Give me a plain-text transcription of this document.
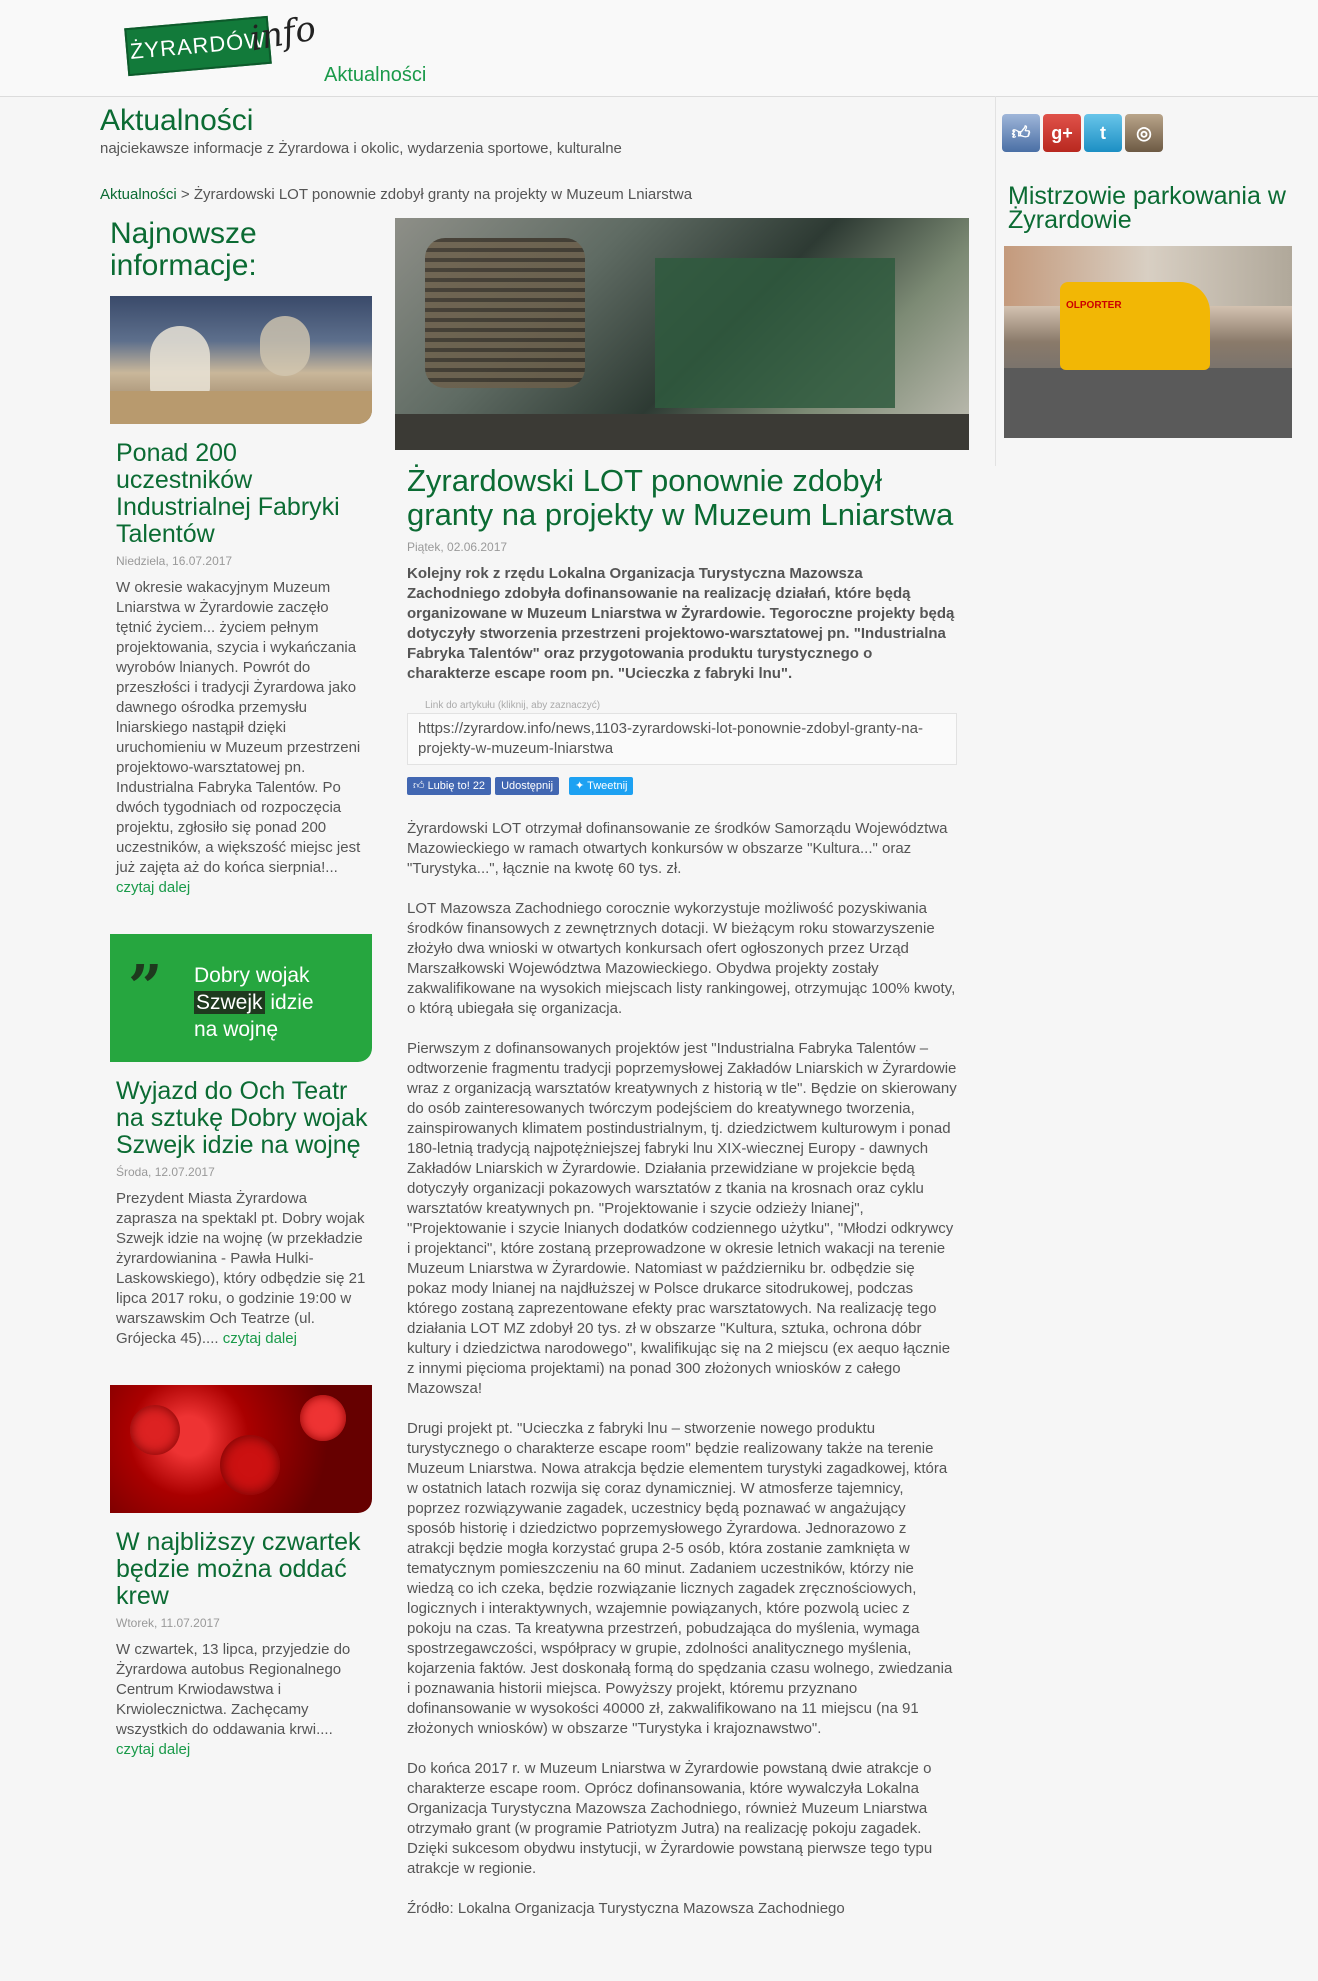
ŻYRARDÓW
info
Aktualności
Aktualności
najciekawsze informacje z Żyrardowa i okolic, wydarzenia sportowe, kulturalne
Aktualności > Żyrardowski LOT ponownie zdobył granty na projekty w Muzeum Lniarstwa
Najnowsze informacje:
Ponad 200 uczestników Industrialnej Fabryki Talentów
Niedziela, 16.07.2017
W okresie wakacyjnym Muzeum Lniarstwa w Żyrardowie zaczęło tętnić życiem... życiem pełnym projektowania, szycia i wykańczania wyrobów lnianych. Powrót do przeszłości i tradycji Żyrardowa jako dawnego ośrodka przemysłu lniarskiego nastąpił dzięki uruchomieniu w Muzeum przestrzeni projektowo-warsztatowej pn. Industrialna Fabryka Talentów. Po dwóch tygodniach od rozpoczęcia projektu, zgłosiło się ponad 200 uczestników, a większość miejsc jest już zajęta aż do końca sierpnia!... czytaj dalej
” Dobry wojak
Szwejk idzie
na wojnę
Wyjazd do Och Teatr na sztukę Dobry wojak Szwejk idzie na wojnę
Środa, 12.07.2017
Prezydent Miasta Żyrardowa zaprasza na spektakl pt. Dobry wojak Szwejk idzie na wojnę (w przekładzie żyrardowianina - Pawła Hulki-Laskowskiego), który odbędzie się 21 lipca 2017 roku, o godzinie 19:00 w warszawskim Och Teatrze (ul. Grójecka 45).... czytaj dalej
W najbliższy czwartek będzie można oddać krew
Wtorek, 11.07.2017
W czwartek, 13 lipca, przyjedzie do Żyrardowa autobus Regionalnego Centrum Krwiodawstwa i Krwiolecznictwa. Zachęcamy wszystkich do oddawania krwi.... czytaj dalej
Żyrardowski LOT ponownie zdobył granty na projekty w Muzeum Lniarstwa
Piątek, 02.06.2017
Kolejny rok z rzędu Lokalna Organizacja Turystyczna Mazowsza Zachodniego zdobyła dofinansowanie na realizację działań, które będą organizowane w Muzeum Lniarstwa w Żyrardowie. Tegoroczne projekty będą dotyczyły stworzenia przestrzeni projektowo-warsztatowej pn. "Industrialna Fabryka Talentów" oraz przygotowania produktu turystycznego o charakterze escape room pn. "Ucieczka z fabryki lnu".
Link do artykułu (kliknij, aby zaznaczyć)
https://zyrardow.info/news,1103-zyrardowski-lot-ponownie-zdobyl-granty-na-projekty-w-muzeum-lniarstwa
👍︎ Lubię to! 22 Udostępnij ✦ Tweetnij

Żyrardowski LOT otrzymał dofinansowanie ze środków Samorządu Województwa Mazowieckiego w ramach otwartych konkursów w obszarze "Kultura..." oraz "Turystyka...", łącznie na kwotę 60 tys. zł.

LOT Mazowsza Zachodniego corocznie wykorzystuje możliwość pozyskiwania środków finansowych z zewnętrznych dotacji. W bieżącym roku stowarzyszenie złożyło dwa wnioski w otwartych konkursach ofert ogłoszonych przez Urząd Marszałkowski Województwa Mazowieckiego. Obydwa projekty zostały zakwalifikowane na wysokich miejscach listy rankingowej, otrzymując 100% kwoty, o którą ubiegała się organizacja.

Pierwszym z dofinansowanych projektów jest "Industrialna Fabryka Talentów – odtworzenie fragmentu tradycji poprzemysłowej Zakładów Lniarskich w Żyrardowie wraz z organizacją warsztatów kreatywnych z historią w tle". Będzie on skierowany do osób zainteresowanych twórczym podejściem do kreatywnego tworzenia, zainspirowanych klimatem postindustrialnym, tj. dziedzictwem kulturowym i ponad 180-letnią tradycją najpotężniejszej fabryki lnu XIX-wiecznej Europy - dawnych Zakładów Lniarskich w Żyrardowie. Działania przewidziane w projekcie będą dotyczyły organizacji pokazowych warsztatów z tkania na krosnach oraz cyklu warsztatów kreatywnych pn. "Projektowanie i szycie odzieży lnianej", "Projektowanie i szycie lnianych dodatków codziennego użytku", "Młodzi odkrywcy i projektanci", które zostaną przeprowadzone w okresie letnich wakacji na terenie Muzeum Lniarstwa w Żyrardowie. Natomiast w październiku br. odbędzie się pokaz mody lnianej na najdłuższej w Polsce drukarce sitodrukowej, podczas którego zostaną zaprezentowane efekty prac warsztatowych. Na realizację tego działania LOT MZ zdobył 20 tys. zł w obszarze "Kultura, sztuka, ochrona dóbr kultury i dziedzictwa narodowego", kwalifikując się na 2 miejscu (ex aequo łącznie z innymi pięcioma projektami) na ponad 300 złożonych wniosków z całego Mazowsza!

Drugi projekt pt. "Ucieczka z fabryki lnu – stworzenie nowego produktu turystycznego o charakterze escape room" będzie realizowany także na terenie Muzeum Lniarstwa. Nowa atrakcja będzie elementem turystyki zagadkowej, która w ostatnich latach rozwija się coraz dynamiczniej. W atmosferze tajemnicy, poprzez rozwiązywanie zagadek, uczestnicy będą poznawać w angażujący sposób historię i dziedzictwo poprzemysłowego Żyrardowa. Jednorazowo z atrakcji będzie mogła korzystać grupa 2-5 osób, która zostanie zamknięta w tematycznym pomieszczeniu na 60 minut. Zadaniem uczestników, którzy nie wiedzą co ich czeka, będzie rozwiązanie licznych zagadek zręcznościowych, logicznych i interaktywnych, wzajemnie powiązanych, które pozwolą uciec z pokoju na czas. Ta kreatywna przestrzeń, pobudzająca do myślenia, wymaga spostrzegawczości, współpracy w grupie, zdolności analitycznego myślenia, kojarzenia faktów. Jest doskonałą formą do spędzania czasu wolnego, zwiedzania i poznawania historii miejsca. Powyższy projekt, któremu przyznano dofinansowanie w wysokości 40000 zł, zakwalifikowano na 11 miejscu (na 91 złożonych wniosków) w obszarze "Turystyka i krajoznawstwo".

Do końca 2017 r. w Muzeum Lniarstwa w Żyrardowie powstaną dwie atrakcje o charakterze escape room. Oprócz dofinansowania, które wywalczyła Lokalna Organizacja Turystyczna Mazowsza Zachodniego, również Muzeum Lniarstwa otrzymało grant (w programie Patriotyzm Jutra) na realizację pokoju zagadek. Dzięki sukcesom obydwu instytucji, w Żyrardowie powstaną pierwsze tego typu atrakcje w regionie.

Źródło: Lokalna Organizacja Turystyczna Mazowsza Zachodniego

👍︎ g+ t ◎
Mistrzowie parkowania w Żyrardowie
OLPORTER
